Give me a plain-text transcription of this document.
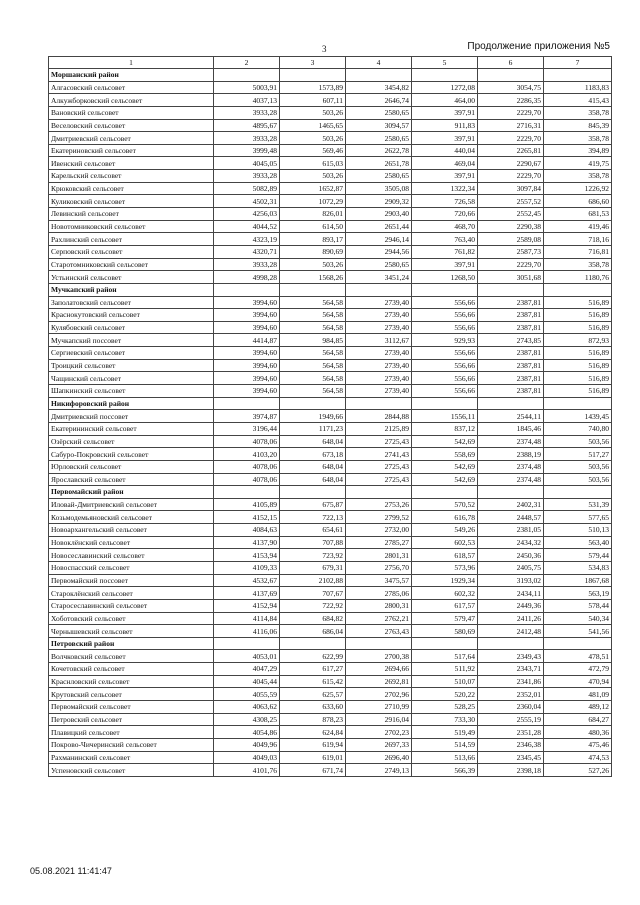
3	Продолжение приложения №5
1	2	3	4	5	6	7
Моршанский район						
Алгасовский сельсовет	5003,91	1573,89	3454,82	1272,08	3054,75	1183,83
Алкужборковский сельсовет	4037,13	607,11	2646,74	464,00	2286,35	415,43
Вановский сельсовет	3933,28	503,26	2580,65	397,91	2229,70	358,78
Веселовский сельсовет	4895,67	1465,65	3094,57	911,83	2716,31	845,39
Дмитриевский сельсовет	3933,28	503,26	2580,65	397,91	2229,70	358,78
Екатериновский сельсовет	3999,48	569,46	2622,78	440,04	2265,81	394,89
Ивенский сельсовет	4045,05	615,03	2651,78	469,04	2290,67	419,75
Карельский сельсовет	3933,28	503,26	2580,65	397,91	2229,70	358,78
Крюковский сельсовет	5082,89	1652,87	3505,08	1322,34	3097,84	1226,92
Куликовский сельсовет	4502,31	1072,29	2909,32	726,58	2557,52	686,60
Левинский сельсовет	4256,03	826,01	2903,40	720,66	2552,45	681,53
Новотомниковский сельсовет	4044,52	614,50	2651,44	468,70	2290,38	419,46
Рахлинский сельсовет	4323,19	893,17	2946,14	763,40	2589,08	718,16
Серповский сельсовет	4320,71	890,69	2944,56	761,82	2587,73	716,81
Старотомниковский сельсовет	3933,28	503,26	2580,65	397,91	2229,70	358,78
Устьинский сельсовет	4998,28	1568,26	3451,24	1268,50	3051,68	1180,76
Мучкапский район						
Заполатовский сельсовет	3994,60	564,58	2739,40	556,66	2387,81	516,89
Краснокутовский сельсовет	3994,60	564,58	2739,40	556,66	2387,81	516,89
Кулябовский сельсовет	3994,60	564,58	2739,40	556,66	2387,81	516,89
Мучкапский поссовет	4414,87	984,85	3112,67	929,93	2743,85	872,93
Сергиевский сельсовет	3994,60	564,58	2739,40	556,66	2387,81	516,89
Троицкий сельсовет	3994,60	564,58	2739,40	556,66	2387,81	516,89
Чащинский сельсовет	3994,60	564,58	2739,40	556,66	2387,81	516,89
Шапкинский сельсовет	3994,60	564,58	2739,40	556,66	2387,81	516,89
Никифоровский район						
Дмитриевский поссовет	3974,87	1949,66	2844,88	1556,11	2544,11	1439,45
Екатерининский сельсовет	3196,44	1171,23	2125,89	837,12	1845,46	740,80
Озёрский сельсовет	4078,06	648,04	2725,43	542,69	2374,48	503,56
Сабуро-Покровский сельсовет	4103,20	673,18	2741,43	558,69	2388,19	517,27
Юрловский сельсовет	4078,06	648,04	2725,43	542,69	2374,48	503,56
Ярославский сельсовет	4078,06	648,04	2725,43	542,69	2374,48	503,56
Первомайский район						
Иловай-Дмитриевский сельсовет	4105,89	675,87	2753,26	570,52	2402,31	531,39
Козьмодемьяновский сельсовет	4152,15	722,13	2799,52	616,78	2448,57	577,65
Новоархангельский сельсовет	4084,63	654,61	2732,00	549,26	2381,05	510,13
Новоклёнский сельсовет	4137,90	707,88	2785,27	602,53	2434,32	563,40
Новосеславинский сельсовет	4153,94	723,92	2801,31	618,57	2450,36	579,44
Новоспасский сельсовет	4109,33	679,31	2756,70	573,96	2405,75	534,83
Первомайский поссовет	4532,67	2102,88	3475,57	1929,34	3193,02	1867,68
Староклёнский сельсовет	4137,69	707,67	2785,06	602,32	2434,11	563,19
Старосеславинский сельсовет	4152,94	722,92	2800,31	617,57	2449,36	578,44
Хоботовский сельсовет	4114,84	684,82	2762,21	579,47	2411,26	540,34
Чернышевский сельсовет	4116,06	686,04	2763,43	580,69	2412,48	541,56
Петровский район						
Волчковский сельсовет	4053,01	622,99	2700,38	517,64	2349,43	478,51
Кочетовский сельсовет	4047,29	617,27	2694,66	511,92	2343,71	472,79
Краснловский сельсовет	4045,44	615,42	2692,81	510,07	2341,86	470,94
Крутовский сельсовет	4055,59	625,57	2702,96	520,22	2352,01	481,09
Первомайский сельсовет	4063,62	633,60	2710,99	528,25	2360,04	489,12
Петровский сельсовет	4308,25	878,23	2916,04	733,30	2555,19	684,27
Плавицкий сельсовет	4054,86	624,84	2702,23	519,49	2351,28	480,36
Покрово-Чичеринский сельсовет	4049,96	619,94	2697,33	514,59	2346,38	475,46
Рахманинский сельсовет	4049,03	619,01	2696,40	513,66	2345,45	474,53
Успеновский сельсовет	4101,76	671,74	2749,13	566,39	2398,18	527,26
05.08.2021 11:41:47
